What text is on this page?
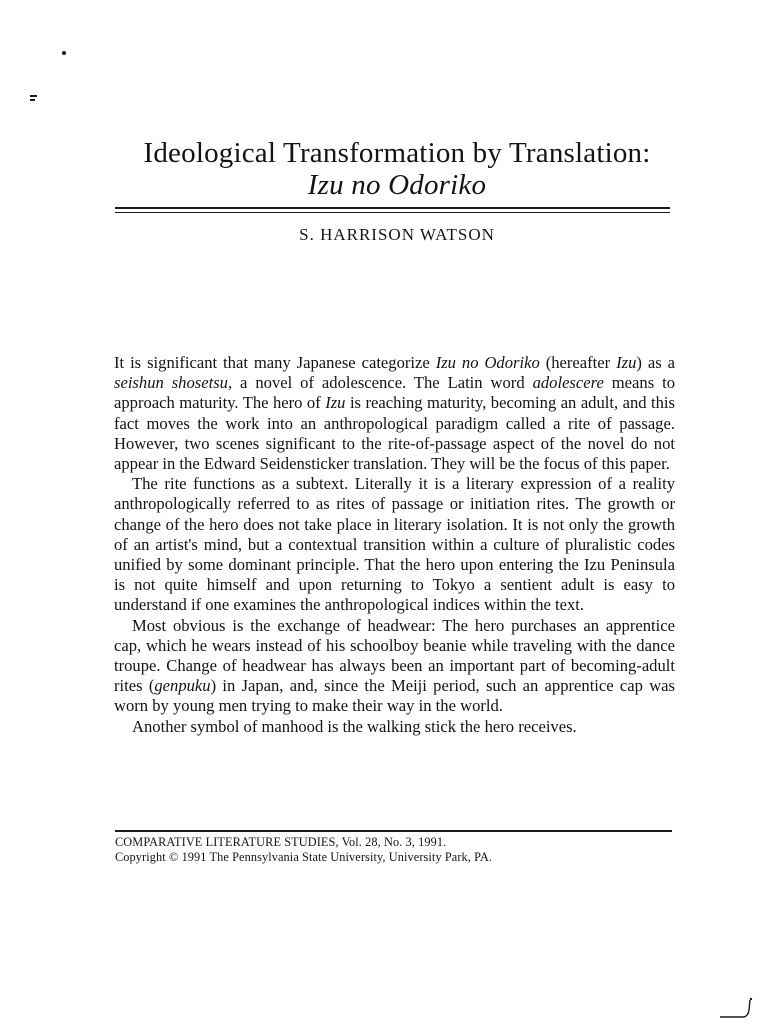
Ideological Transformation by Translation:
Izu no Odoriko
S. HARRISON WATSON

It is significant that many Japanese categorize Izu no Odoriko (hereafter Izu) as a seishun shosetsu, a novel of adolescence. The Latin word adolescere means to approach maturity. The hero of Izu is reaching maturity, becoming an adult, and this fact moves the work into an anthropological paradigm called a rite of passage. However, two scenes significant to the rite-of-passage aspect of the novel do not appear in the Edward Seidensticker translation. They will be the focus of this paper.

The rite functions as a subtext. Literally it is a literary expression of a reality anthropologically referred to as rites of passage or initiation rites. The growth or change of the hero does not take place in literary isolation. It is not only the growth of an artist's mind, but a contextual transition within a culture of pluralistic codes unified by some dominant principle. That the hero upon entering the Izu Peninsula is not quite himself and upon returning to Tokyo a sentient adult is easy to understand if one examines the anthropological indices within the text.

Most obvious is the exchange of headwear: The hero purchases an apprentice cap, which he wears instead of his schoolboy beanie while traveling with the dance troupe. Change of headwear has always been an important part of becoming-adult rites (genpuku) in Japan, and, since the Meiji period, such an apprentice cap was worn by young men trying to make their way in the world.

Another symbol of manhood is the walking stick the hero receives.

COMPARATIVE LITERATURE STUDIES, Vol. 28, No. 3, 1991.
Copyright © 1991 The Pennsylvania State University, University Park, PA.
